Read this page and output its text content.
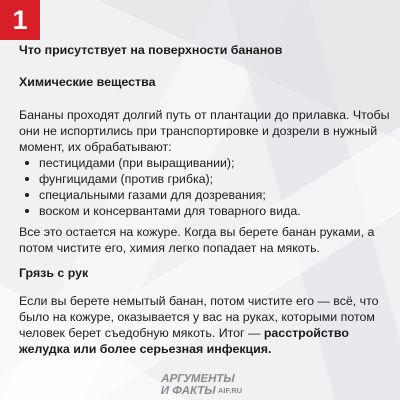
1

Что присутствует на поверхности бананов

Химические вещества

Бананы проходят долгий путь от плантации до прилавка. Чтобы они не испортились при транспортировке и дозрели в нужный момент, их обрабатывают:

пестицидами (при выращивании);
фунгицидами (против грибка);
специальными газами для дозревания;
воском и консервантами для товарного вида.

Все это остается на кожуре. Когда вы берете банан руками, а потом чистите его, химия легко попадает на мякоть.

Грязь с рук

Если вы берете немытый банан, потом чистите его — всё, что было на кожуре, оказывается у вас на руках, которыми потом человек берет съедобную мякоть. Итог — расстройство желудка или более серьезная инфекция.

АРГУМЕНТЫ
И ФАКТЫ AIF.RU
